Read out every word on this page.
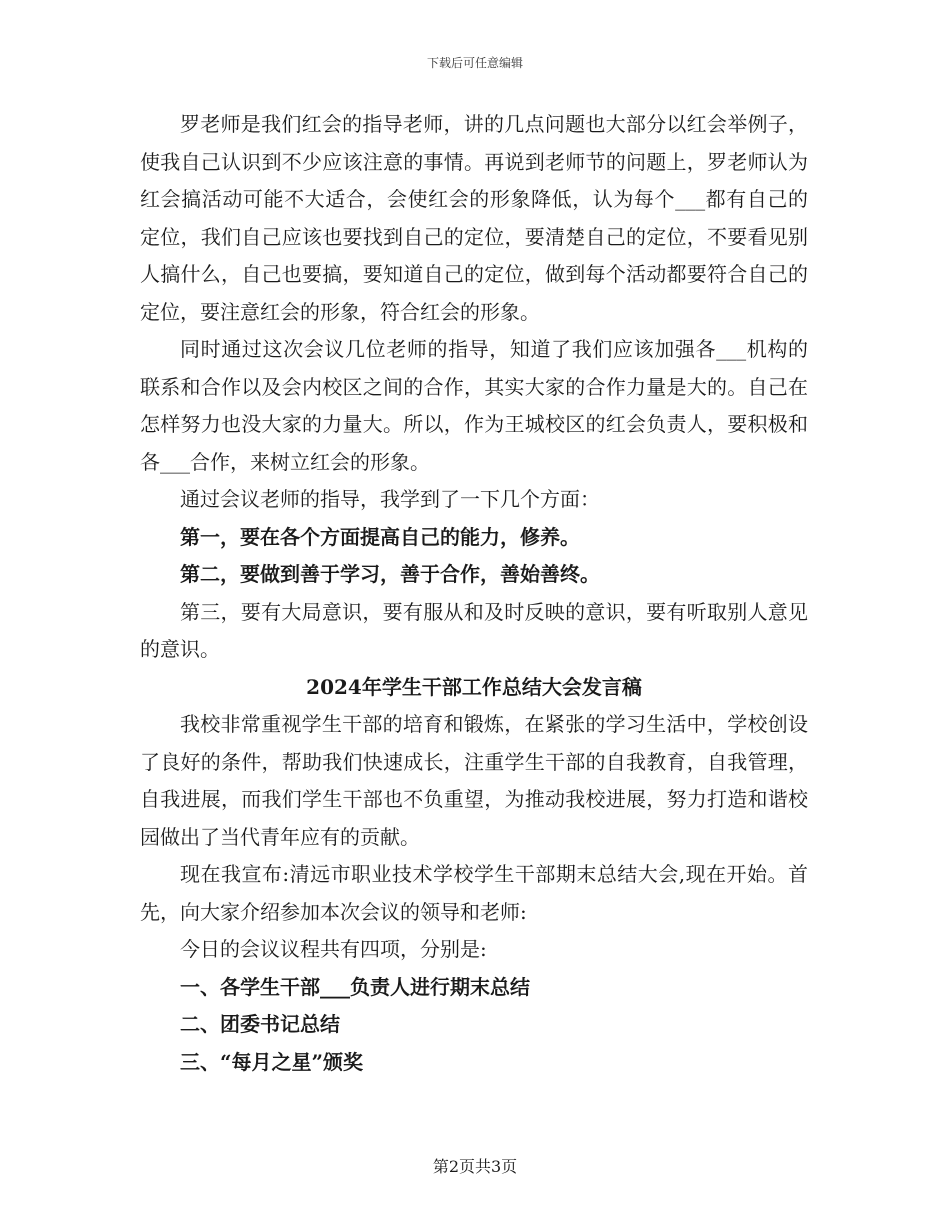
下载后可任意编辑

罗老师是我们红会的指导老师，讲的几点问题也大部分以红会举例子，使我自己认识到不少应该注意的事情。再说到老师节的问题上，罗老师认为红会搞活动可能不大适合，会使红会的形象降低，认为每个___都有自己的定位，我们自己应该也要找到自己的定位，要清楚自己的定位，不要看见别人搞什么，自己也要搞，要知道自己的定位，做到每个活动都要符合自己的定位，要注意红会的形象，符合红会的形象。

同时通过这次会议几位老师的指导，知道了我们应该加强各___机构的联系和合作以及会内校区之间的合作，其实大家的合作力量是大的。自己在怎样努力也没大家的力量大。所以，作为王城校区的红会负责人，要积极和各___合作，来树立红会的形象。

通过会议老师的指导，我学到了一下几个方面：

第一，要在各个方面提高自己的能力，修养。

第二，要做到善于学习，善于合作，善始善终。

第三，要有大局意识，要有服从和及时反映的意识，要有听取别人意见的意识。

2024年学生干部工作总结大会发言稿

我校非常重视学生干部的培育和锻炼，在紧张的学习生活中，学校创设了良好的条件，帮助我们快速成长，注重学生干部的自我教育，自我管理，自我进展，而我们学生干部也不负重望，为推动我校进展，努力打造和谐校园做出了当代青年应有的贡献。

现在我宣布:清远市职业技术学校学生干部期末总结大会,现在开始。首先，向大家介绍参加本次会议的领导和老师:

今日的会议议程共有四项，分别是:

一、各学生干部___负责人进行期末总结

二、团委书记总结

三、“每月之星”颁奖

第2页共3页
